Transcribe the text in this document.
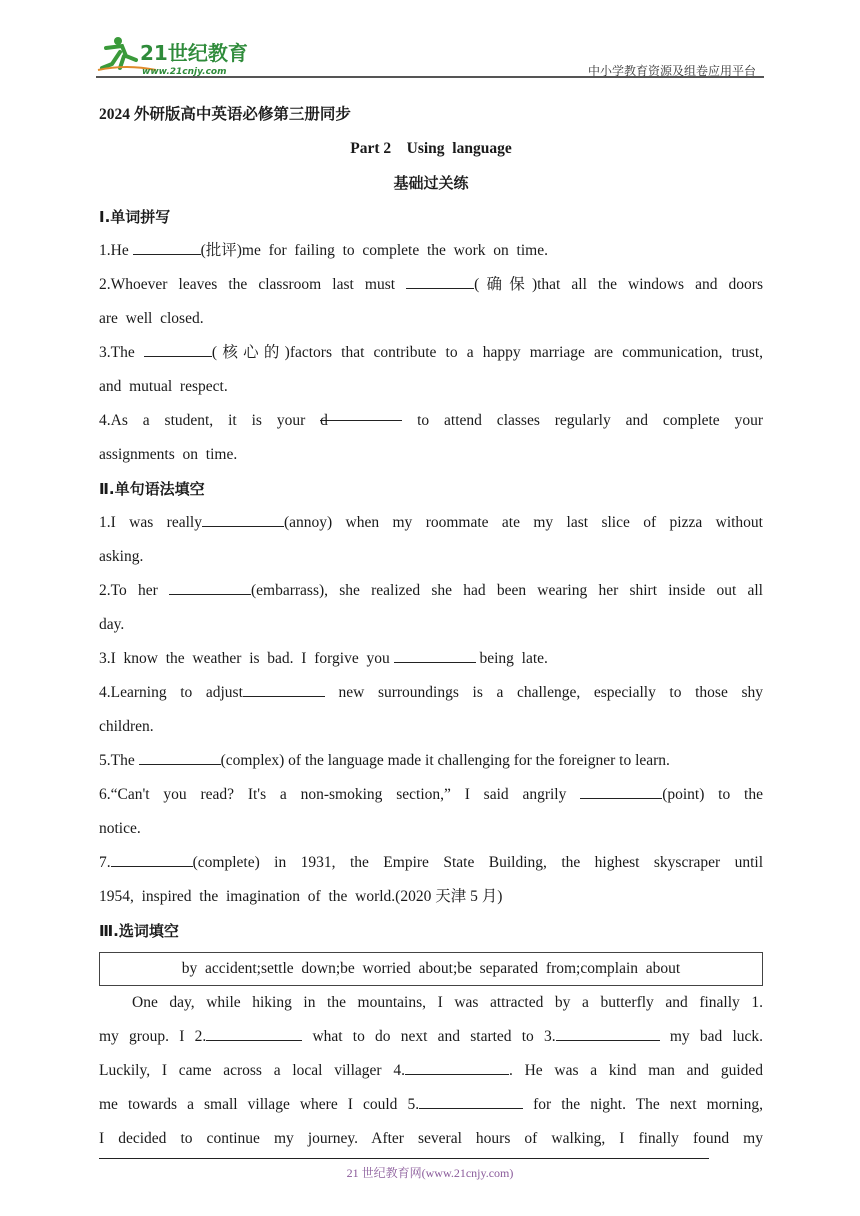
21世纪教育
www.21cnjy.com	中小学教育资源及组卷应用平台
2024 外研版高中英语必修第三册同步
Part 2    Using  language
基础过关练
Ⅰ.单词拼写
1.He	(批评)me  for  failing  to  complete  the  work  on  time.
2.Whoever leaves the classroom last must	(确保)that all the windows and doors
are  well  closed.
3.The	(核心的)factors that contribute to a happy marriage are communication, trust,
and  mutual  respect.
4.As a student, it is your d	to attend classes regularly and complete your
assignments  on  time.
Ⅱ.单句语法填空
1.I was really	(annoy) when my roommate ate my last slice of pizza without
asking.
2.To her	(embarrass), she realized she had been wearing her shirt inside out all
day.
3.I  know  the  weather  is  bad.  I  forgive  you	being  late.
4.Learning to adjust	new surroundings is a challenge, especially to those shy
children.
5.The	(complex) of the language made it challenging for the foreigner to learn.
6.“Can't you read? It's a non-smoking section,” I said angrily	(point) to the
notice.
7.	(complete) in 1931, the Empire State Building, the highest skyscraper until
1954,  inspired  the  imagination  of  the  world.(2020 天津 5 月)
Ⅲ.选词填空
by  accident;settle  down;be  worried  about;be  separated  from;complain  about
One day, while hiking in the mountains, I was attracted by a butterfly and finally 1.
my group. I 2.	what to do next and started to 3.	my bad luck.
Luckily, I came across a local villager 4.	. He was a kind man and guided
me towards a small village where I could 5.	for the night. The next morning,
I decided to continue my journey. After several hours of walking, I finally found my
21 世纪教育网(www.21cnjy.com)
